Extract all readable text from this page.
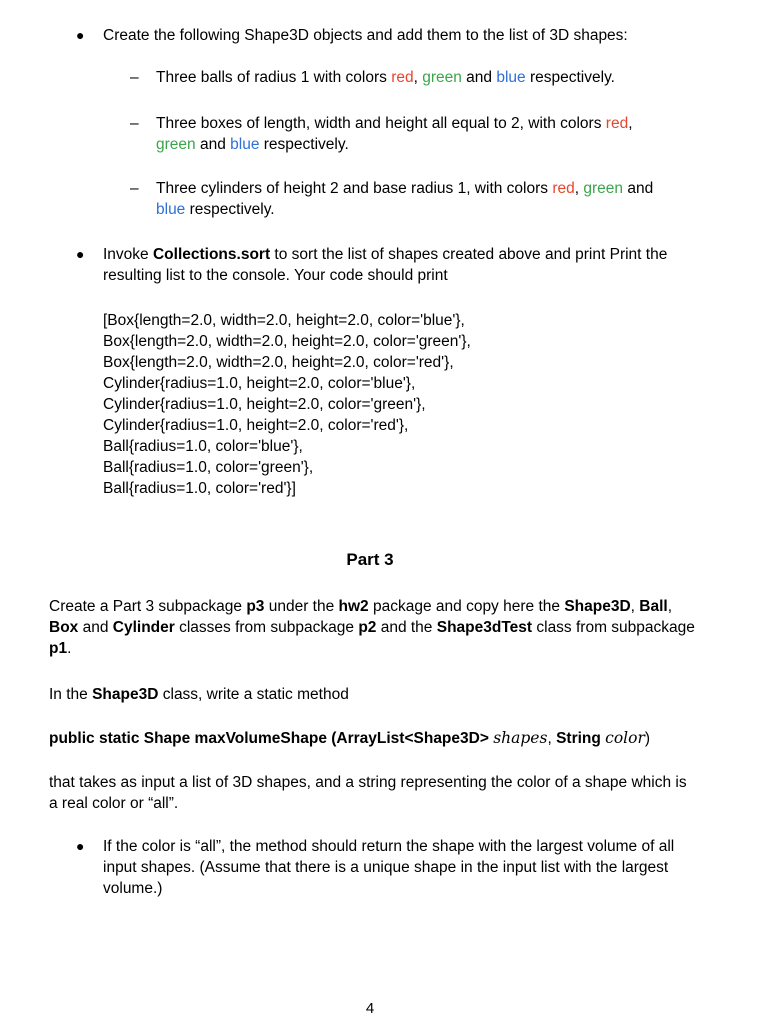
● Create the following Shape3D objects and add them to the list of 3D shapes:
– Three balls of radius 1 with colors red, green and blue respectively.
– Three boxes of length, width and height all equal to 2, with colors red,
green and blue respectively.
– Three cylinders of height 2 and base radius 1, with colors red, green and
blue respectively.
● Invoke Collections.sort to sort the list of shapes created above and print Print the resulting list to the console. Your code should print
[Box{length=2.0, width=2.0, height=2.0, color='blue'},
Box{length=2.0, width=2.0, height=2.0, color='green'},
Box{length=2.0, width=2.0, height=2.0, color='red'},
Cylinder{radius=1.0, height=2.0, color='blue'},
Cylinder{radius=1.0, height=2.0, color='green'},
Cylinder{radius=1.0, height=2.0, color='red'},
Ball{radius=1.0, color='blue'},
Ball{radius=1.0, color='green'},
Ball{radius=1.0, color='red'}]
Part 3
Create a Part 3 subpackage p3 under the hw2 package and copy here the Shape3D, Ball,
Box and Cylinder classes from subpackage p2 and the Shape3dTest class from subpackage
p1.
In the Shape3D class, write a static method
public static Shape maxVolumeShape (ArrayList<Shape3D> shapes, String color)
that takes as input a list of 3D shapes, and a string representing the color of a shape which is a real color or “all”.
● If the color is “all”, the method should return the shape with the largest volume of all input shapes. (Assume that there is a unique shape in the input list with the largest volume.)
4
